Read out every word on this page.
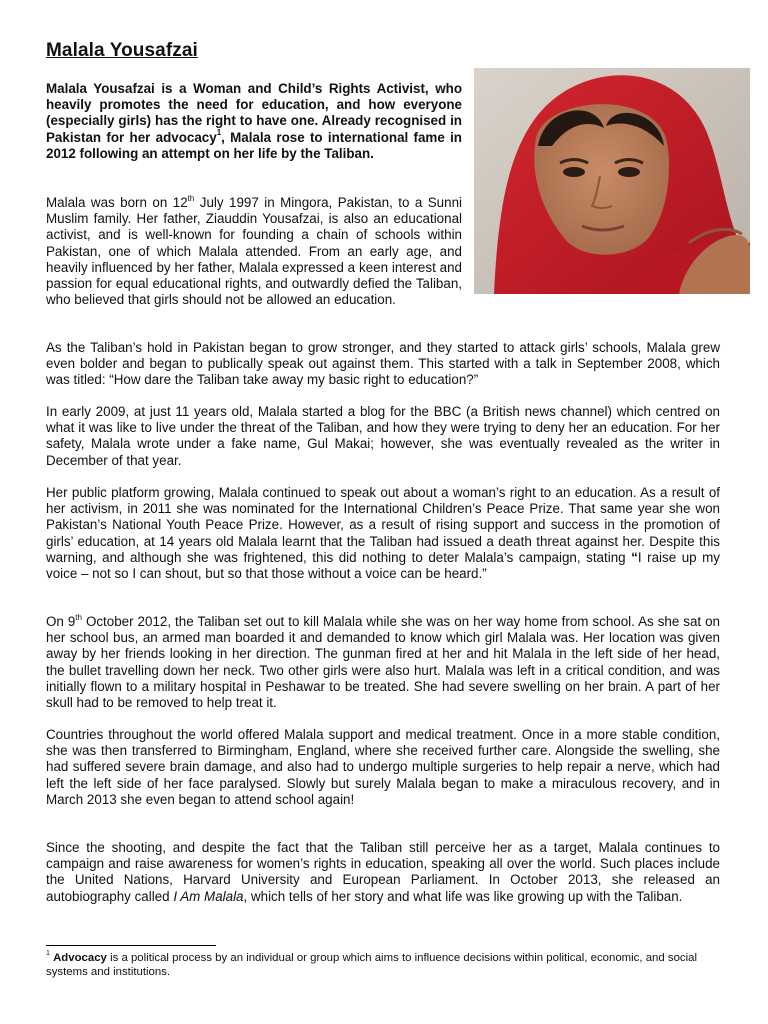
Malala Yousafzai

Malala Yousafzai is a Woman and Child’s Rights Activist, who heavily promotes the need for education, and how everyone (especially girls) has the right to have one. Already recognised in Pakistan for her advocacy$^1$, Malala rose to international fame in 2012 following an attempt on her life by the Taliban.

Malala was born on 12th July 1997 in Mingora, Pakistan, to a Sunni Muslim family. Her father, Ziauddin Yousafzai, is also an educational activist, and is well-known for founding a chain of schools within Pakistan, one of which Malala attended. From an early age, and heavily influenced by her father, Malala expressed a keen interest and passion for equal educational rights, and outwardly defied the Taliban, who believed that girls should not be allowed an education.

As the Taliban’s hold in Pakistan began to grow stronger, and they started to attack girls’ schools, Malala grew even bolder and began to publically speak out against them. This started with a talk in September 2008, which was titled: “How dare the Taliban take away my basic right to education?”

In early 2009, at just 11 years old, Malala started a blog for the BBC (a British news channel) which centred on what it was like to live under the threat of the Taliban, and how they were trying to deny her an education. For her safety, Malala wrote under a fake name, Gul Makai; however, she was eventually revealed as the writer in December of that year.

Her public platform growing, Malala continued to speak out about a woman’s right to an education. As a result of her activism, in 2011 she was nominated for the International Children’s Peace Prize. That same year she won Pakistan’s National Youth Peace Prize. However, as a result of rising support and success in the promotion of girls’ education, at 14 years old Malala learnt that the Taliban had issued a death threat against her. Despite this warning, and although she was frightened, this did nothing to deter Malala’s campaign, stating “I raise up my voice – not so I can shout, but so that those without a voice can be heard.”

On 9th October 2012, the Taliban set out to kill Malala while she was on her way home from school. As she sat on her school bus, an armed man boarded it and demanded to know which girl Malala was. Her location was given away by her friends looking in her direction. The gunman fired at her and hit Malala in the left side of her head, the bullet travelling down her neck. Two other girls were also hurt. Malala was left in a critical condition, and was initially flown to a military hospital in Peshawar to be treated. She had severe swelling on her brain. A part of her skull had to be removed to help treat it.

Countries throughout the world offered Malala support and medical treatment. Once in a more stable condition, she was then transferred to Birmingham, England, where she received further care. Alongside the swelling, she had suffered severe brain damage, and also had to undergo multiple surgeries to help repair a nerve, which had left the left side of her face paralysed. Slowly but surely Malala began to make a miraculous recovery, and in March 2013 she even began to attend school again!

Since the shooting, and despite the fact that the Taliban still perceive her as a target, Malala continues to campaign and raise awareness for women’s rights in education, speaking all over the world. Such places include the United Nations, Harvard University and European Parliament. In October 2013, she released an autobiography called I Am Malala, which tells of her story and what life was like growing up with the Taliban.

$^1$ Advocacy is a political process by an individual or group which aims to influence decisions within political, economic, and social systems and institutions.
